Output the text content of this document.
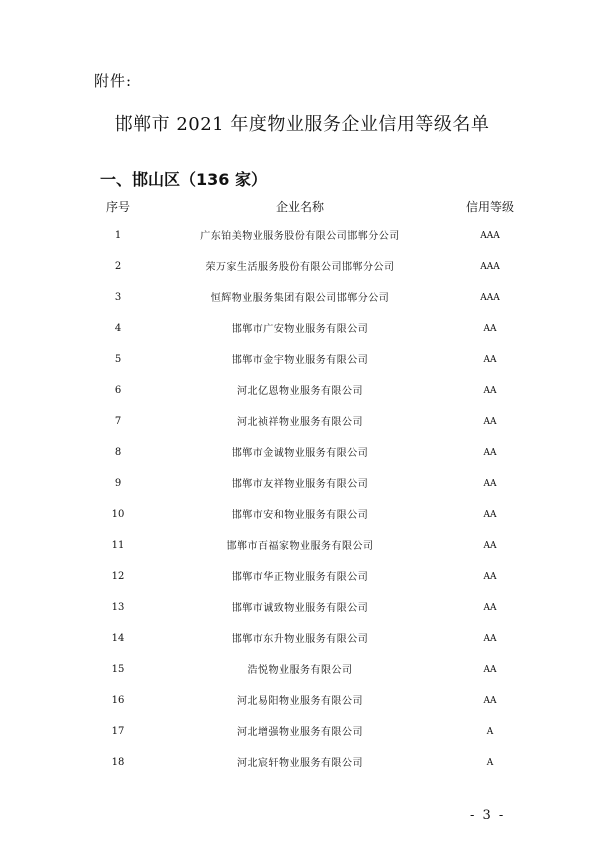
附件:
邯郸市 2021 年度物业服务企业信用等级名单
一、邯山区（136 家）
序号	企业名称	信用等级
1	广东铂美物业服务股份有限公司邯郸分公司	AAA
2	荣万家生活服务股份有限公司邯郸分公司	AAA
3	恒辉物业服务集团有限公司邯郸分公司	AAA
4	邯郸市广安物业服务有限公司	AA
5	邯郸市金宇物业服务有限公司	AA
6	河北亿恩物业服务有限公司	AA
7	河北祯祥物业服务有限公司	AA
8	邯郸市金诚物业服务有限公司	AA
9	邯郸市友祥物业服务有限公司	AA
10	邯郸市安和物业服务有限公司	AA
11	邯郸市百福家物业服务有限公司	AA
12	邯郸市华正物业服务有限公司	AA
13	邯郸市诚致物业服务有限公司	AA
14	邯郸市东升物业服务有限公司	AA
15	浩悦物业服务有限公司	AA
16	河北易阳物业服务有限公司	AA
17	河北增强物业服务有限公司	A
18	河北宸轩物业服务有限公司	A
- 3 -
